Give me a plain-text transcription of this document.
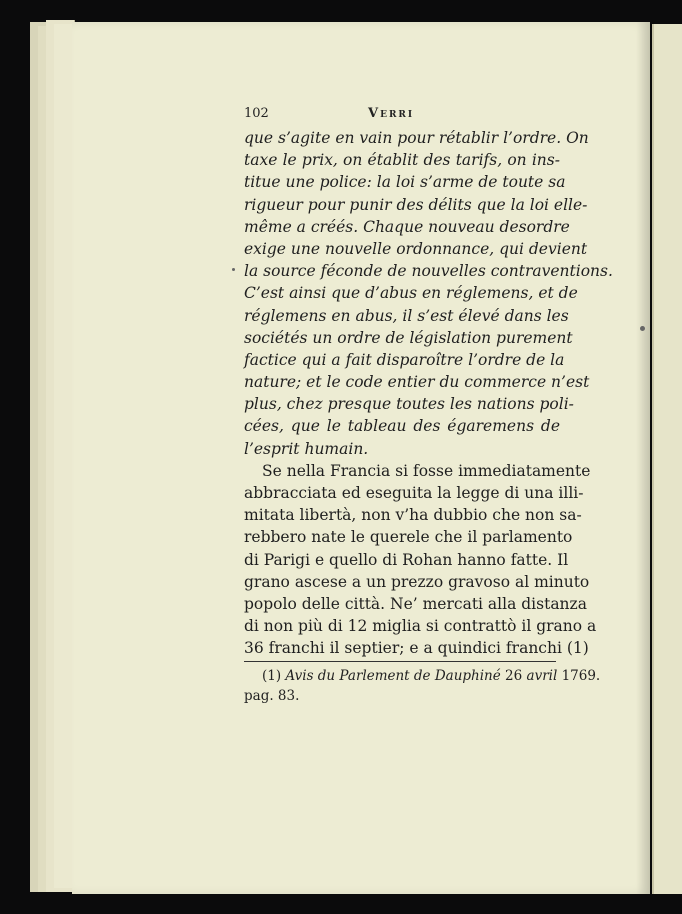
102	Verri
que s’agite en vain pour rétablir l’ordre. On
taxe le prix, on établit des tarifs, on ins-
titue une police: la loi s’arme de toute sa
rigueur pour punir des délits que la loi elle-
même a créés. Chaque nouveau desordre
exige une nouvelle ordonnance, qui devient
la source féconde de nouvelles contraventions.
C’est ainsi que d’abus en réglemens, et de
réglemens en abus, il s’est élevé dans les
sociétés un ordre de législation purement
factice qui a fait disparoître l’ordre de la
nature; et le code entier du commerce n’est
plus, chez presque toutes les nations poli-
cées, que le tableau des égaremens de
l’esprit humain.
Se nella Francia si fosse immediatamente
abbracciata ed eseguita la legge di una illi-
mitata libertà, non v’ha dubbio che non sa-
rebbero nate le querele che il parlamento
di Parigi e quello di Rohan hanno fatte. Il
grano ascese a un prezzo gravoso al minuto
popolo delle città. Ne’ mercati alla distanza
di non più di 12 miglia si contrattò il grano a
36 franchi il septier; e a quindici franchi (1)
(1) Avis du Parlement de Dauphiné 26 avril 1769.
pag. 83.
